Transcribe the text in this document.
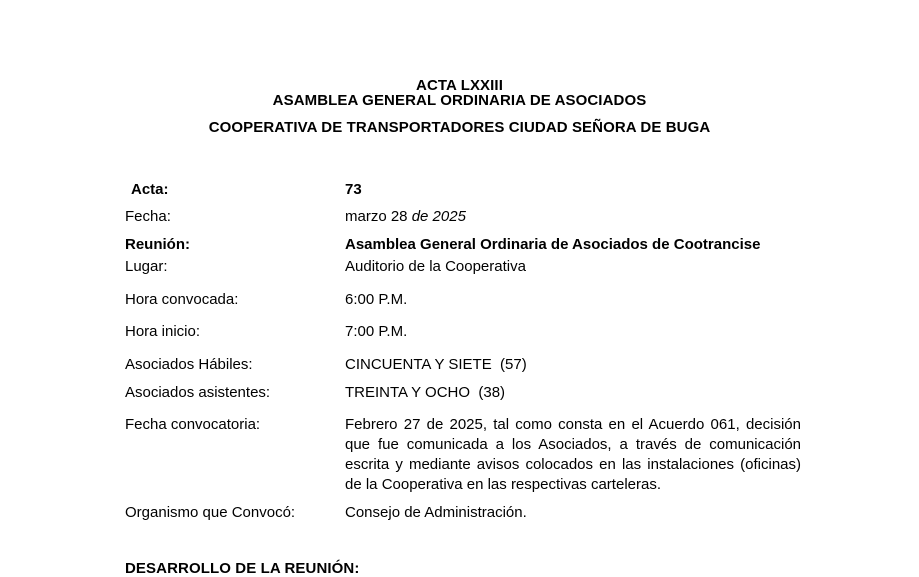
ACTA LXXIII
ASAMBLEA GENERAL ORDINARIA DE ASOCIADOS
COOPERATIVA DE TRANSPORTADORES CIUDAD SEÑORA DE BUGA
Acta:	73
Fecha:	marzo 28 de 2025
Reunión:	Asamblea General Ordinaria de Asociados de Cootrancise
Lugar:	Auditorio de la Cooperativa
Hora convocada:	6:00 P.M.
Hora inicio:	7:00 P.M.
Asociados Hábiles:	CINCUENTA Y SIETE  (57)
Asociados asistentes:	TREINTA Y OCHO  (38)
Fecha convocatoria:	Febrero 27 de 2025, tal como consta en el Acuerdo 061, decisión que fue comunicada a los Asociados, a través de comunicación escrita y mediante avisos colocados en las instalaciones (oficinas) de la Cooperativa en las respectivas carteleras.
Organismo que Convocó:	Consejo de Administración.
DESARROLLO DE LA REUNIÓN:
